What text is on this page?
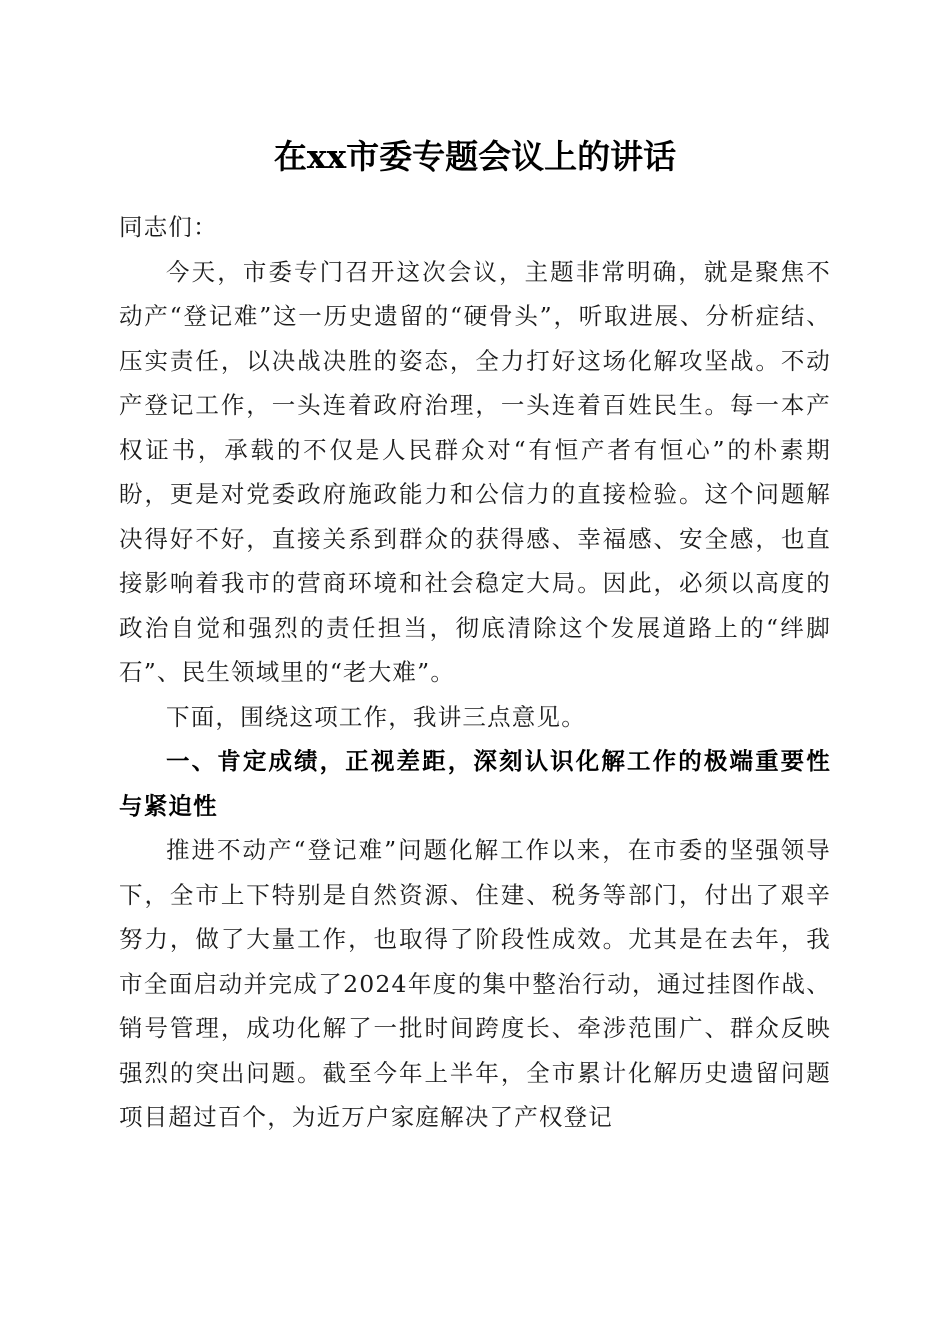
在xx市委专题会议上的讲话

同志们：

今天，市委专门召开这次会议，主题非常明确，就是聚焦不动产“登记难”这一历史遗留的“硬骨头”，听取进展、分析症结、压实责任，以决战决胜的姿态，全力打好这场化解攻坚战。不动产登记工作，一头连着政府治理，一头连着百姓民生。每一本产权证书，承载的不仅是人民群众对“有恒产者有恒心”的朴素期盼，更是对党委政府施政能力和公信力的直接检验。这个问题解决得好不好，直接关系到群众的获得感、幸福感、安全感，也直接影响着我市的营商环境和社会稳定大局。因此，必须以高度的政治自觉和强烈的责任担当，彻底清除这个发展道路上的“绊脚石”、民生领域里的“老大难”。

下面，围绕这项工作，我讲三点意见。

一、肯定成绩，正视差距，深刻认识化解工作的极端重要性与紧迫性

推进不动产“登记难”问题化解工作以来，在市委的坚强领导下，全市上下特别是自然资源、住建、税务等部门，付出了艰辛努力，做了大量工作，也取得了阶段性成效。尤其是在去年，我市全面启动并完成了2024年度的集中整治行动，通过挂图作战、销号管理，成功化解了一批时间跨度长、牵涉范围广、群众反映强烈的突出问题。截至今年上半年，全市累计化解历史遗留问题项目超过百个，为近万户家庭解决了产权登记
